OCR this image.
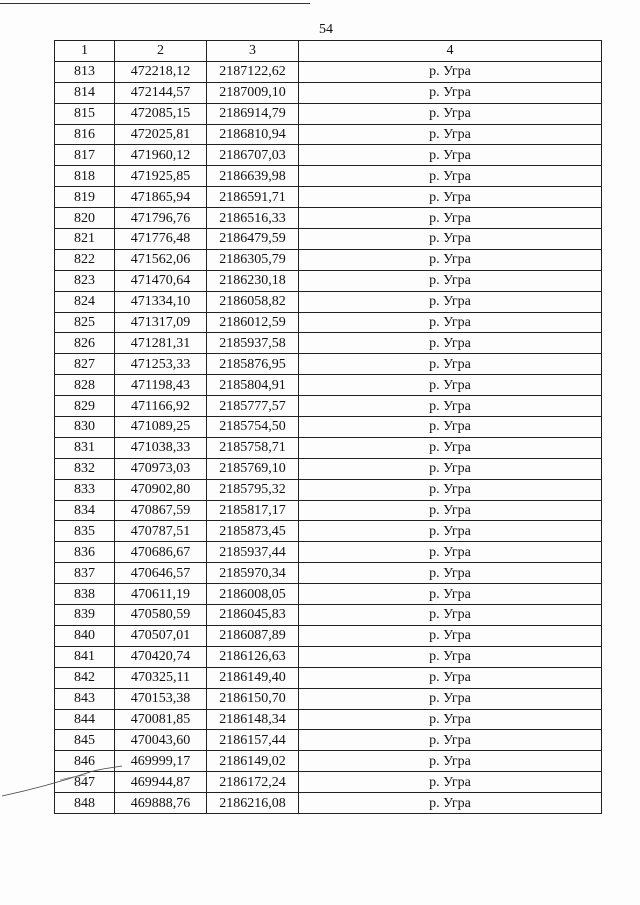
54
1	2	3	4
813	472218,12	2187122,62	р. Угра
814	472144,57	2187009,10	р. Угра
815	472085,15	2186914,79	р. Угра
816	472025,81	2186810,94	р. Угра
817	471960,12	2186707,03	р. Угра
818	471925,85	2186639,98	р. Угра
819	471865,94	2186591,71	р. Угра
820	471796,76	2186516,33	р. Угра
821	471776,48	2186479,59	р. Угра
822	471562,06	2186305,79	р. Угра
823	471470,64	2186230,18	р. Угра
824	471334,10	2186058,82	р. Угра
825	471317,09	2186012,59	р. Угра
826	471281,31	2185937,58	р. Угра
827	471253,33	2185876,95	р. Угра
828	471198,43	2185804,91	р. Угра
829	471166,92	2185777,57	р. Угра
830	471089,25	2185754,50	р. Угра
831	471038,33	2185758,71	р. Угра
832	470973,03	2185769,10	р. Угра
833	470902,80	2185795,32	р. Угра
834	470867,59	2185817,17	р. Угра
835	470787,51	2185873,45	р. Угра
836	470686,67	2185937,44	р. Угра
837	470646,57	2185970,34	р. Угра
838	470611,19	2186008,05	р. Угра
839	470580,59	2186045,83	р. Угра
840	470507,01	2186087,89	р. Угра
841	470420,74	2186126,63	р. Угра
842	470325,11	2186149,40	р. Угра
843	470153,38	2186150,70	р. Угра
844	470081,85	2186148,34	р. Угра
845	470043,60	2186157,44	р. Угра
846	469999,17	2186149,02	р. Угра
847	469944,87	2186172,24	р. Угра
848	469888,76	2186216,08	р. Угра
